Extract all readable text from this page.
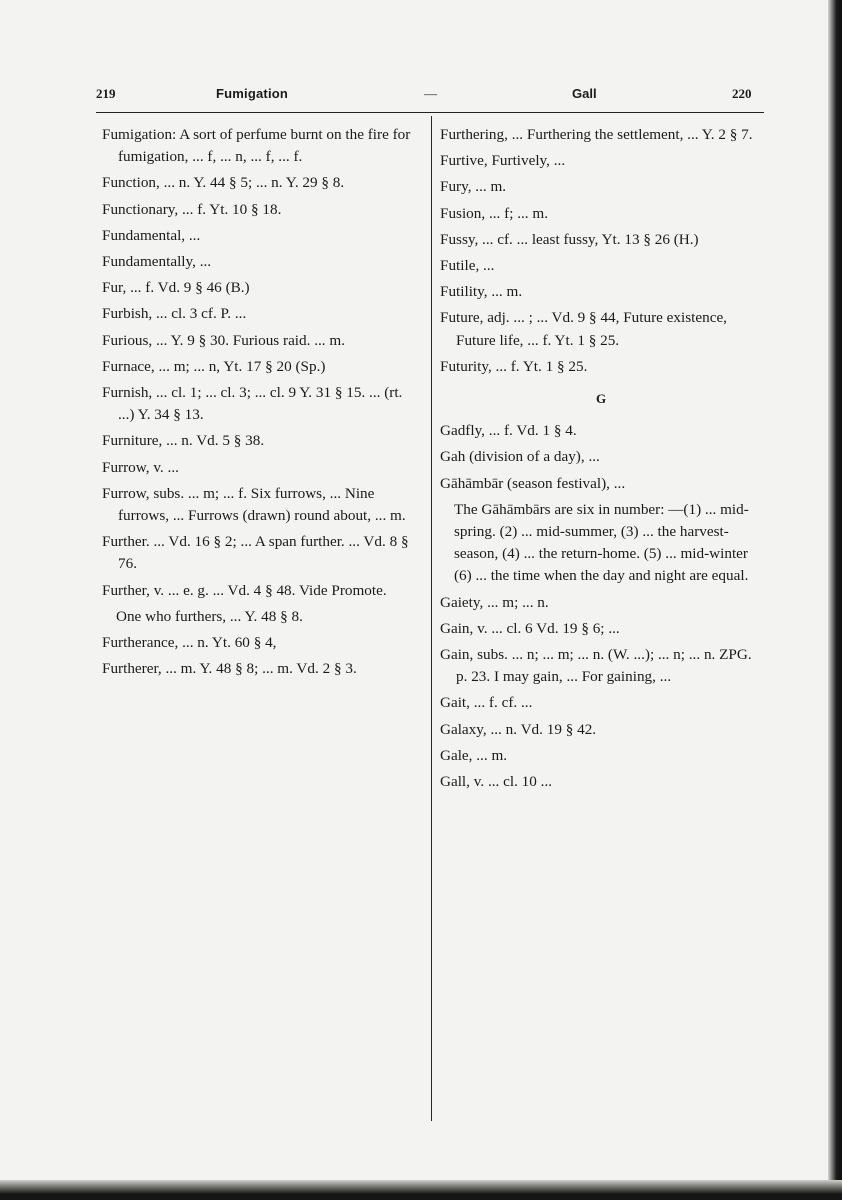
219	Fumigation	—	Gall	220

Fumigation: A sort of perfume burnt on the fire for fumigation, ... f, ... n, ... f, ... f.

Function, ... n. Y. 44 § 5; ... n. Y. 29 § 8.

Functionary, ... f. Yt. 10 § 18.

Fundamental, ...

Fundamentally, ...

Fur, ... f. Vd. 9 § 46 (B.)

Furbish, ... cl. 3 cf. P. ...

Furious, ... Y. 9 § 30. Furious raid. ... m.

Furnace, ... m; ... n, Yt. 17 § 20 (Sp.)

Furnish, ... cl. 1; ... cl. 3; ... cl. 9 Y. 31 § 15. ... (rt. ...) Y. 34 § 13.

Furniture, ... n. Vd. 5 § 38.

Furrow, v. ...

Furrow, subs. ... m; ... f. Six furrows, ... Nine furrows, ... Furrows (drawn) round about, ... m.

Further. ... Vd. 16 § 2; ... A span further. ... Vd. 8 § 76.

Further, v. ... e. g. ... Vd. 4 § 48. Vide Promote.

One who furthers, ... Y. 48 § 8.

Furtherance, ... n. Yt. 60 § 4,

Furtherer, ... m. Y. 48 § 8; ... m. Vd. 2 § 3.

Furthering, ... Furthering the settlement, ... Y. 2 § 7.

Furtive, Furtively, ...

Fury, ... m.

Fusion, ... f; ... m.

Fussy, ... cf. ... least fussy, Yt. 13 § 26 (H.)

Futile, ...

Futility, ... m.

Future, adj. ... ; ... Vd. 9 § 44, Future existence, Future life, ... f. Yt. 1 § 25.

Futurity, ... f. Yt. 1 § 25.

G

Gadfly, ... f. Vd. 1 § 4.

Gah (division of a day), ...

Gāhāmbār (season festival), ...

The Gāhāmbārs are six in number: —(1) ... mid-spring. (2) ... mid-summer, (3) ... the harvest-season, (4) ... the return-home. (5) ... mid-winter (6) ... the time when the day and night are equal.

Gaiety, ... m; ... n.

Gain, v. ... cl. 6 Vd. 19 § 6; ...

Gain, subs. ... n; ... m; ... n. (W. ...); ... n; ... n. ZPG. p. 23. I may gain, ... For gaining, ...

Gait, ... f. cf. ...

Galaxy, ... n. Vd. 19 § 42.

Gale, ... m.

Gall, v. ... cl. 10 ...
